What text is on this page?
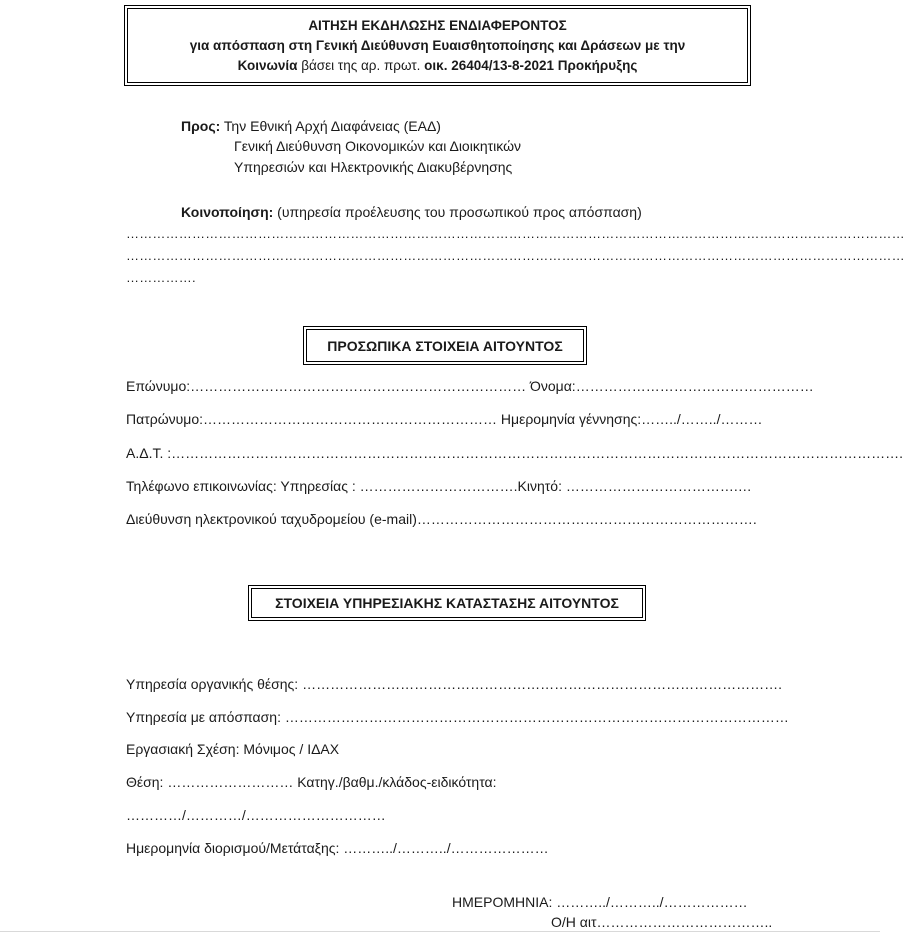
ΑΙΤΗΣΗ ΕΚΔΗΛΩΣΗΣ ΕΝΔΙΑΦΕΡΟΝΤΟΣ
για απόσπαση στη Γενική Διεύθυνση Ευαισθητοποίησης και Δράσεων με την
Κοινωνία βάσει της αρ. πρωτ. οικ. 26404/13-8-2021 Προκήρυξης
Προς: Την Εθνική Αρχή Διαφάνειας (ΕΑΔ)
Γενική Διεύθυνση Οικονομικών και Διοικητικών
Υπηρεσιών και Ηλεκτρονικής Διακυβέρνησης
Κοινοποίηση: (υπηρεσία προέλευσης του προσωπικού προς απόσπαση)
……………………………………………………………………………………………………………………………………………………………
……………………………………………………………………………………………………………………………………………………………
…………….
ΠΡΟΣΩΠΙΚΑ ΣΤΟΙΧΕΙΑ ΑΙΤΟΥΝΤΟΣ
Επώνυμο:……………………………………………………………… Όνομα:……………………………………………
Πατρώνυμο:……………………………………………………… Ημερομηνία γέννησης:……../……../………
Α.Δ.Τ. :………………………………………………………………………………………………………………………………………….
Τηλέφωνο επικοινωνίας: Υπηρεσίας : …………………………….Κινητό: ……………………………….…
Διεύθυνση ηλεκτρονικού ταχυδρομείου (e-mail)……………………………………………………………….
ΣΤΟΙΧΕΙΑ ΥΠΗΡΕΣΙΑΚΗΣ ΚΑΤΑΣΤΑΣΗΣ ΑΙΤΟΥΝΤΟΣ
Υπηρεσία οργανικής θέσης: ………………………………………………………………………………………….
Υπηρεσία με απόσπαση: ………………………………………………………………………………………………
Εργασιακή Σχέση: Μόνιμος / ΙΔΑΧ
Θέση: ……………………… Κατηγ./βαθμ./κλάδος-ειδικότητα:
…………/…………/…………………………
Ημερομηνία διορισμού/Μετάταξης: ………../………../…………………
ΗΜΕΡΟΜΗΝΙΑ: ………../………../………………
Ο/Η αιτ………………………………..
